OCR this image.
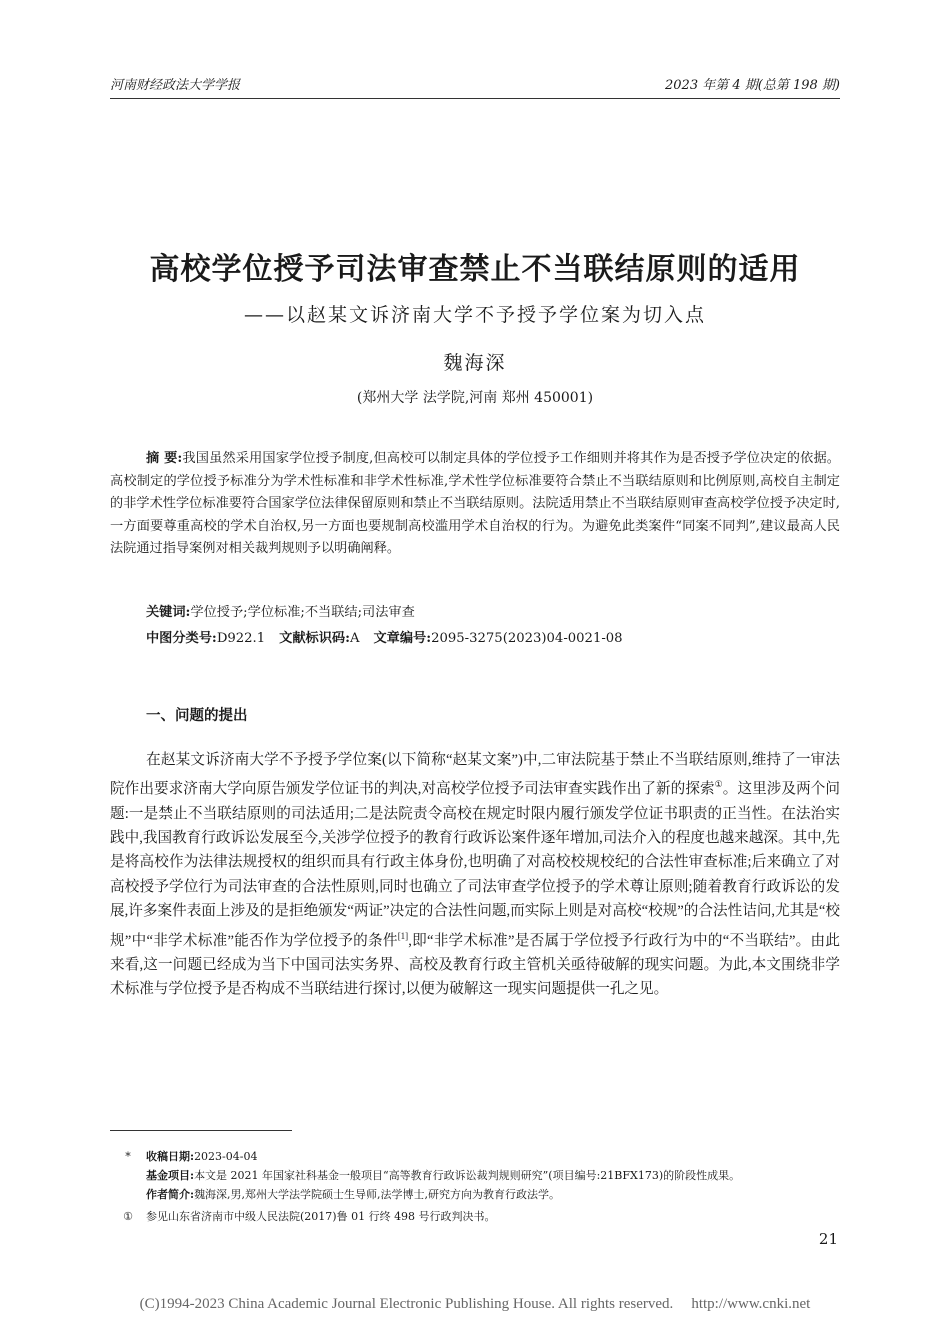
河南财经政法大学学报	2023 年第 4 期(总第 198 期)
高校学位授予司法审查禁止不当联结原则的适用
——以赵某文诉济南大学不予授予学位案为切入点
魏海深
(郑州大学 法学院,河南 郑州 450001)
摘 要:我国虽然采用国家学位授予制度,但高校可以制定具体的学位授予工作细则并将其作为是否授予学位决定的依据。高校制定的学位授予标准分为学术性标准和非学术性标准,学术性学位标准要符合禁止不当联结原则和比例原则,高校自主制定的非学术性学位标准要符合国家学位法律保留原则和禁止不当联结原则。法院适用禁止不当联结原则审查高校学位授予决定时,一方面要尊重高校的学术自治权,另一方面也要规制高校滥用学术自治权的行为。为避免此类案件“同案不同判”,建议最高人民法院通过指导案例对相关裁判规则予以明确阐释。
关键词:学位授予;学位标准;不当联结;司法审查
中图分类号:D922.1 文献标识码:A 文章编号:2095-3275(2023)04-0021-08
一、问题的提出
在赵某文诉济南大学不予授予学位案(以下简称“赵某文案”)中,二审法院基于禁止不当联结原则,维持了一审法院作出要求济南大学向原告颁发学位证书的判决,对高校学位授予司法审查实践作出了新的探索①。这里涉及两个问题:一是禁止不当联结原则的司法适用;二是法院责令高校在规定时限内履行颁发学位证书职责的正当性。在法治实践中,我国教育行政诉讼发展至今,关涉学位授予的教育行政诉讼案件逐年增加,司法介入的程度也越来越深。其中,先是将高校作为法律法规授权的组织而具有行政主体身份,也明确了对高校校规校纪的合法性审查标准;后来确立了对高校授予学位行为司法审查的合法性原则,同时也确立了司法审查学位授予的学术尊让原则;随着教育行政诉讼的发展,许多案件表面上涉及的是拒绝颁发“两证”决定的合法性问题,而实际上则是对高校“校规”的合法性诘问,尤其是“校规”中“非学术标准”能否作为学位授予的条件[1],即“非学术标准”是否属于学位授予行政行为中的“不当联结”。由此来看,这一问题已经成为当下中国司法实务界、高校及教育行政主管机关亟待破解的现实问题。为此,本文围绕非学术标准与学位授予是否构成不当联结进行探讨,以便为破解这一现实问题提供一孔之见。
* 收稿日期:2023-04-04
基金项目:本文是 2021 年国家社科基金一般项目“高等教育行政诉讼裁判规则研究”(项目编号:21BFX173)的阶段性成果。
作者简介:魏海深,男,郑州大学法学院硕士生导师,法学博士,研究方向为教育行政法学。
① 参见山东省济南市中级人民法院(2017)鲁 01 行终 498 号行政判决书。
21
(C)1994-2023 China Academic Journal Electronic Publishing House. All rights reserved. http://www.cnki.net
